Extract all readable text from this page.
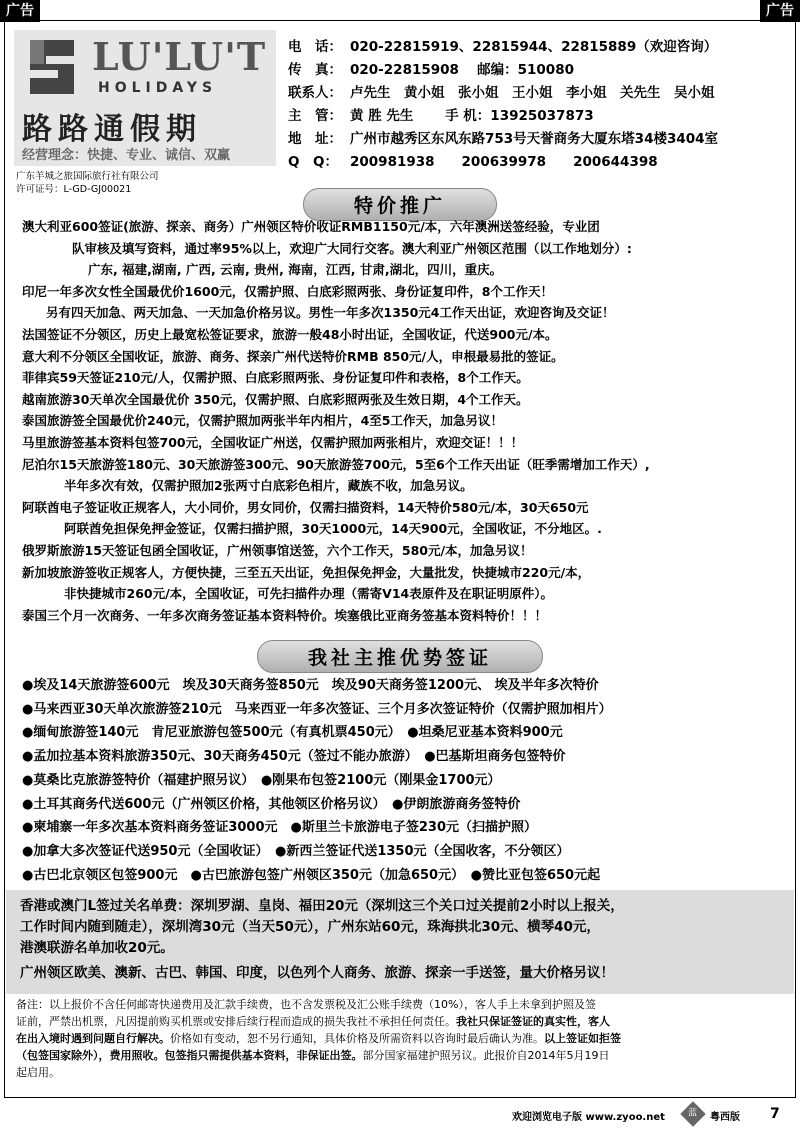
广告	广告
LU'LU'T
HOLIDAYS
路路通假期
经营理念：快捷、专业、诚信、双赢
广东羊城之旅国际旅行社有限公司
许可证号：L-GD-GJ00021
电　话： 020-22815919、22815944、22815889（欢迎咨询）
传　真： 020-22815908　 邮编：510080
联系人： 卢先生　黄小姐　张小姐　王小姐　李小姐　关先生　吴小姐
主　管： 黄 胜 先生　　 手 机：13925037873
地　址： 广州市越秀区东风东路753号天誉商务大厦东塔34楼3404室
Q　Q： 200981938　　200639978　　200644398
特价推广
澳大利亚600签证(旅游、探亲、商务）广州领区特价收证RMB1150元/本，六年澳洲送签经验，专业团
队审核及填写资料，通过率95%以上，欢迎广大同行交客。澳大利亚广州领区范围（以工作地划分）:
广东, 福建,湖南, 广西, 云南, 贵州, 海南，江西, 甘肃,湖北，四川，重庆。
印尼一年多次女性全国最优价1600元，仅需护照、白底彩照两张、身份证复印件，8个工作天！
另有四天加急、两天加急、一天加急价格另议。男性一年多次1350元4工作天出证，欢迎咨询及交证！
法国签证不分领区，历史上最宽松签证要求，旅游一般48小时出证，全国收证，代送900元/本。
意大利不分领区全国收证，旅游、商务、探亲广州代送特价RMB 850元/人，申根最易批的签证。
菲律宾59天签证210元/人，仅需护照、白底彩照两张、身份证复印件和表格，8个工作天。
越南旅游30天单次全国最优价 350元，仅需护照、白底彩照两张及生效日期，4个工作天。
泰国旅游签全国最优价240元，仅需护照加两张半年内相片，4至5工作天，加急另议！
马里旅游签基本资料包签700元，全国收证广州送，仅需护照加两张相片，欢迎交证！！！
尼泊尔15天旅游签180元、30天旅游签300元、90天旅游签700元，5至6个工作天出证（旺季需增加工作天）,
半年多次有效，仅需护照加2张两寸白底彩色相片，藏族不收，加急另议。
阿联酋电子签证收正规客人，大小同价，男女同价，仅需扫描资料，14天特价580元/本，30天650元
阿联酋免担保免押金签证，仅需扫描护照，30天1000元，14天900元，全国收证，不分地区。.
俄罗斯旅游15天签证包函全国收证，广州领事馆送签，六个工作天，580元/本，加急另议！
新加坡旅游签收正规客人，方便快捷，三至五天出证，免担保免押金，大量批发，快捷城市220元/本，
非快捷城市260元/本，全国收证，可先扫描件办理（需寄V14表原件及在职证明原件）。
泰国三个月一次商务、一年多次商务签证基本资料特价。埃塞俄比亚商务签基本资料特价！！！
我社主推优势签证
●埃及14天旅游签600元　埃及30天商务签850元　埃及90天商务签1200元、 埃及半年多次特价
●马来西亚30天单次旅游签210元　马来西亚一年多次签证、三个月多次签证特价（仅需护照加相片）
●缅甸旅游签140元　肯尼亚旅游包签500元（有真机票450元）　●坦桑尼亚基本资料900元
●孟加拉基本资料旅游350元、30天商务450元（签过不能办旅游）　●巴基斯坦商务包签特价
●莫桑比克旅游签特价（福建护照另议）　●刚果布包签2100元（刚果金1700元）
●土耳其商务代送600元（广州领区价格，其他领区价格另议）　●伊朗旅游商务签特价
●柬埔寨一年多次基本资料商务签证3000元　●斯里兰卡旅游电子签230元（扫描护照）
●加拿大多次签证代送950元（全国收证）　●新西兰签证代送1350元（全国收客，不分领区）
●古巴北京领区包签900元　●古巴旅游包签广州领区350元（加急650元）　●赞比亚包签650元起
香港或澳门L签过关名单费：深圳罗湖、皇岗、福田20元（深圳这三个关口过关提前2小时以上报关，
工作时间内随到随走），深圳湾30元（当天50元），广州东站60元，珠海拱北30元、横琴40元，
港澳联游名单加收20元。
广州领区欧美、澳新、古巴、韩国、印度，以色列个人商务、旅游、探亲一手送签，量大价格另议！
备注：以上报价不含任何邮寄快递费用及汇款手续费，也不含发票税及汇公账手续费（10%），客人手上未拿到护照及签
证前，严禁出机票，凡因提前购买机票或安排后续行程而造成的损失我社不承担任何责任。我社只保证签证的真实性，客人
在出入境时遇到问题自行解决。价格如有变动，恕不另行通知，具体价格及所需资料以咨询时最后确认为准。以上签证如拒签
（包签国家除外），费用照收。包签指只需提供基本资料，非保证出签。部分国家福建护照另议。此报价自2014年5月19日
起启用。
欢迎浏览电子版 www.zyoo.net	蓝	粤西版 7
